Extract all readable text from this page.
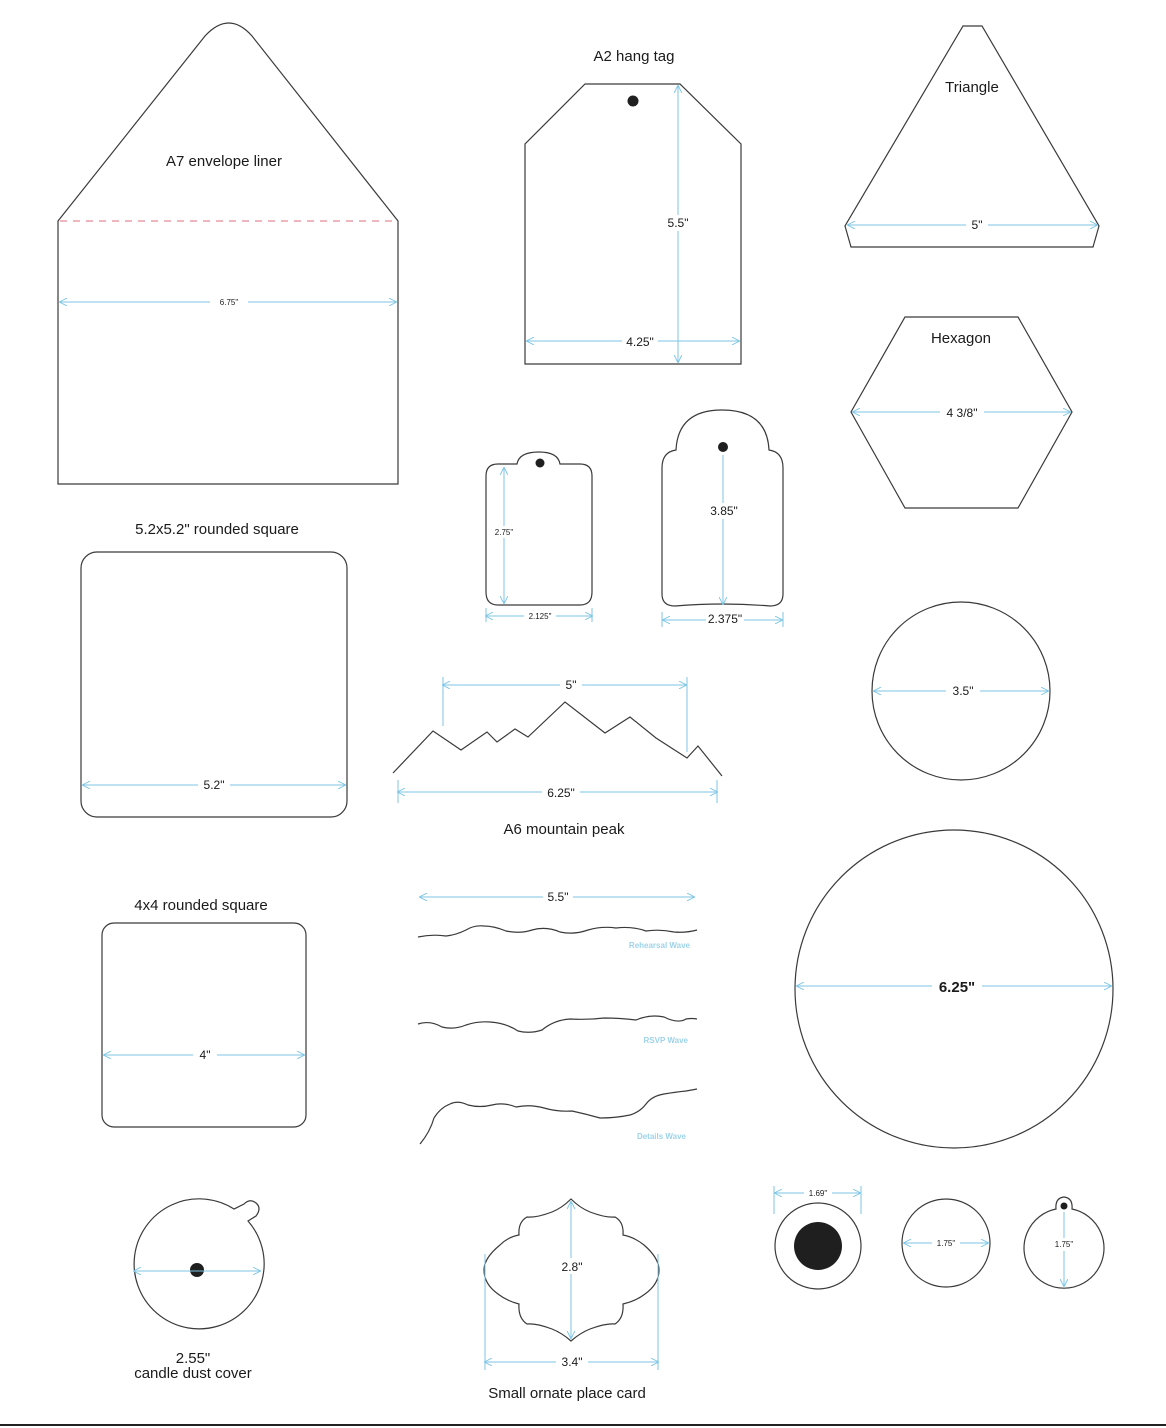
6.75"
A7 envelope liner
A2 hang tag
5.5"
4.25"
Triangle
5"
Hexagon
4 3/8"
2.75"
2.125"
3.85"
2.375"
5.2x5.2" rounded square
5.2"
5"
6.25"
A6 mountain peak
3.5"
4x4 rounded square
4"
5.5"
Rehearsal Wave
RSVP Wave
Details Wave
6.25"
2.55"
candle dust cover
2.8"
3.4"
Small ornate place card
1.69"
1.75"	1.75"
